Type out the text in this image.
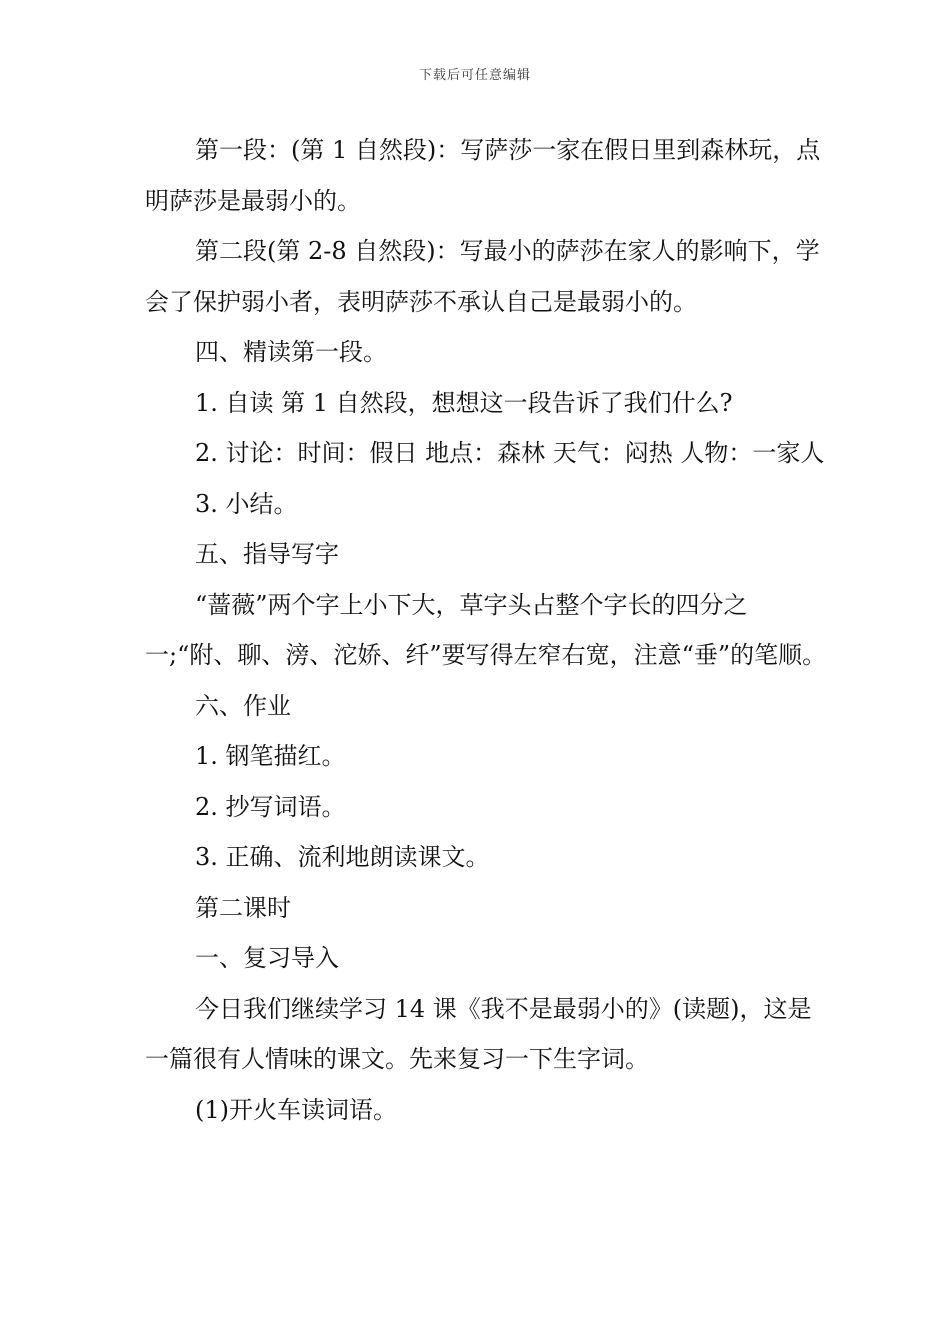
下载后可任意编辑

第一段：(第 1 自然段)：写萨莎一家在假日里到森林玩，点明萨莎是最弱小的。

第二段(第 2-8 自然段)：写最小的萨莎在家人的影响下，学会了保护弱小者，表明萨莎不承认自己是最弱小的。

四、精读第一段。

1. 自读 第 1 自然段，想想这一段告诉了我们什么?

2. 讨论：时间：假日 地点：森林 天气：闷热 人物：一家人

3. 小结。

五、指导写字

“蔷薇”两个字上小下大，草字头占整个字长的四分之一;“附、聊、滂、沱娇、纤”要写得左窄右宽，注意“垂”的笔顺。

六、作业

1. 钢笔描红。

2. 抄写词语。

3. 正确、流利地朗读课文。

第二课时

一、复习导入

今日我们继续学习 14 课《我不是最弱小的》(读题)，这是一篇很有人情味的课文。先来复习一下生字词。

(1)开火车读词语。
